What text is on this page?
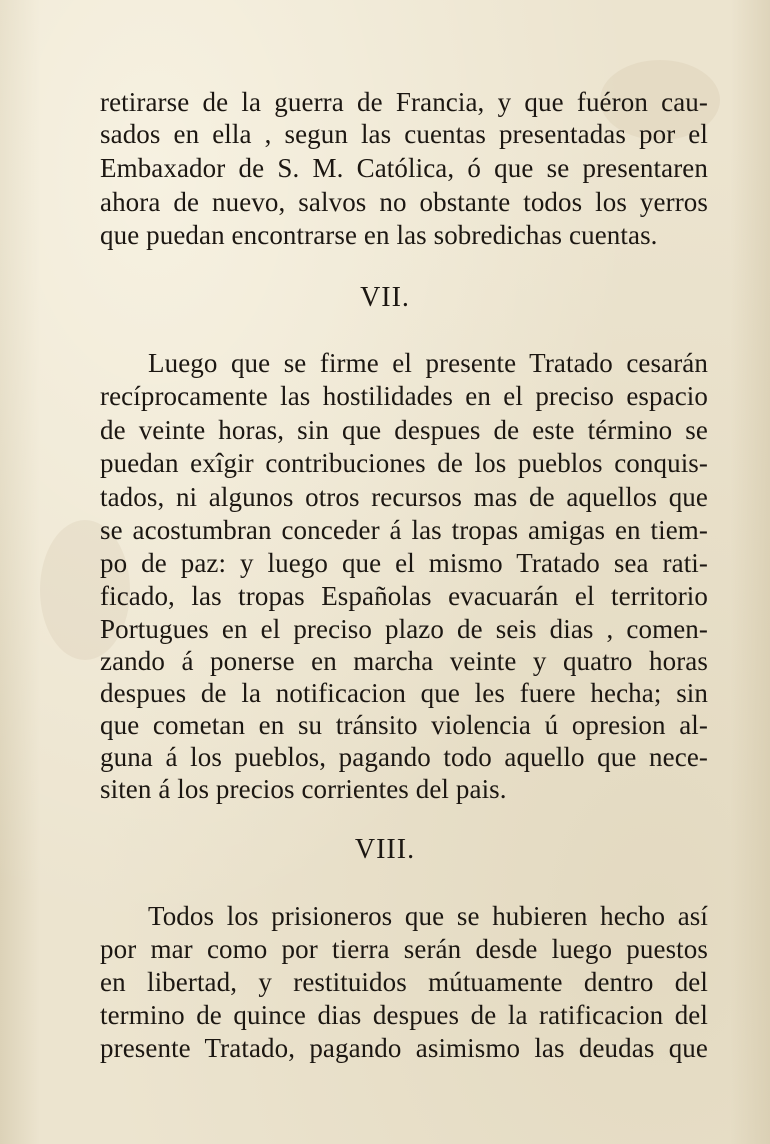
retirarse de la guerra de Francia, y que fuéron cau-
sados en ella , segun las cuentas presentadas por el
Embaxador de S. M. Católica, ó que se presentaren
ahora de nuevo, salvos no obstante todos los yerros
que puedan encontrarse en las sobredichas cuentas.
VII.
Luego que se firme el presente Tratado cesarán
recíprocamente las hostilidades en el preciso espacio
de veinte horas, sin que despues de este término se
puedan exîgir contribuciones de los pueblos conquis-
tados, ni algunos otros recursos mas de aquellos que
se acostumbran conceder á las tropas amigas en tiem-
po de paz: y luego que el mismo Tratado sea rati-
ficado, las tropas Españolas evacuarán el territorio
Portugues en el preciso plazo de seis dias , comen-
zando á ponerse en marcha veinte y quatro horas
despues de la notificacion que les fuere hecha; sin
que cometan en su tránsito violencia ú opresion al-
guna á los pueblos, pagando todo aquello que nece-
siten á los precios corrientes del pais.
VIII.
Todos los prisioneros que se hubieren hecho así
por mar como por tierra serán desde luego puestos
en libertad, y restituidos mútuamente dentro del
termino de quince dias despues de la ratificacion del
presente Tratado, pagando asimismo las deudas que
